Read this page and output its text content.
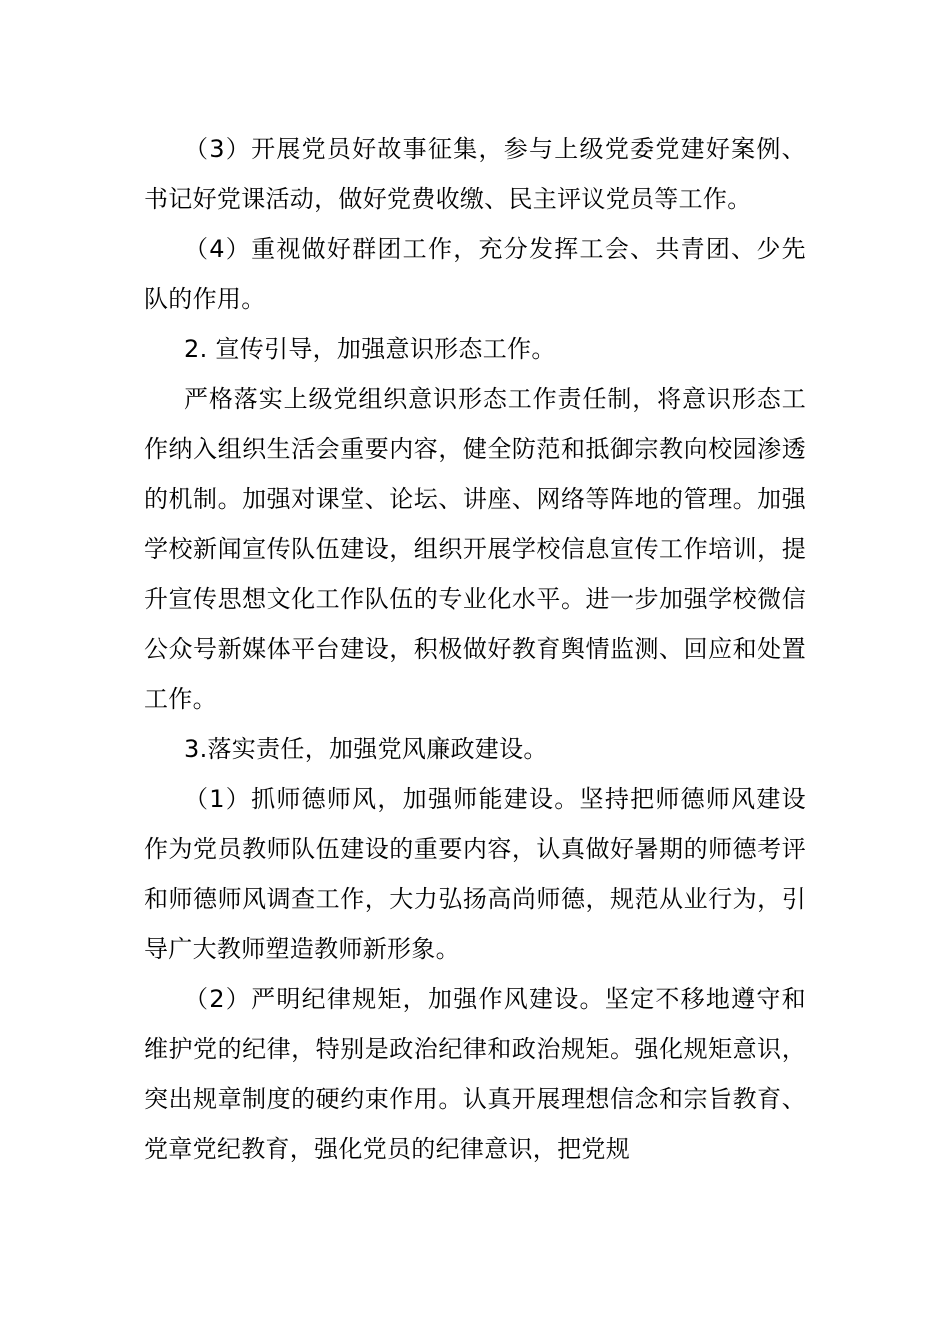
（3）开展党员好故事征集，参与上级党委党建好案例、书记好党课活动，做好党费收缴、民主评议党员等工作。

（4）重视做好群团工作，充分发挥工会、共青团、少先队的作用。

2. 宣传引导，加强意识形态工作。

严格落实上级党组织意识形态工作责任制，将意识形态工作纳入组织生活会重要内容，健全防范和抵御宗教向校园渗透的机制。加强对课堂、论坛、讲座、网络等阵地的管理。加强学校新闻宣传队伍建设，组织开展学校信息宣传工作培训，提升宣传思想文化工作队伍的专业化水平。进一步加强学校微信公众号新媒体平台建设，积极做好教育舆情监测、回应和处置工作。

3.落实责任，加强党风廉政建设。

（1）抓师德师风，加强师能建设。坚持把师德师风建设作为党员教师队伍建设的重要内容，认真做好暑期的师德考评和师德师风调查工作，大力弘扬高尚师德，规范从业行为，引导广大教师塑造教师新形象。

（2）严明纪律规矩，加强作风建设。坚定不移地遵守和维护党的纪律，特别是政治纪律和政治规矩。强化规矩意识，突出规章制度的硬约束作用。认真开展理想信念和宗旨教育、党章党纪教育，强化党员的纪律意识，把党规
